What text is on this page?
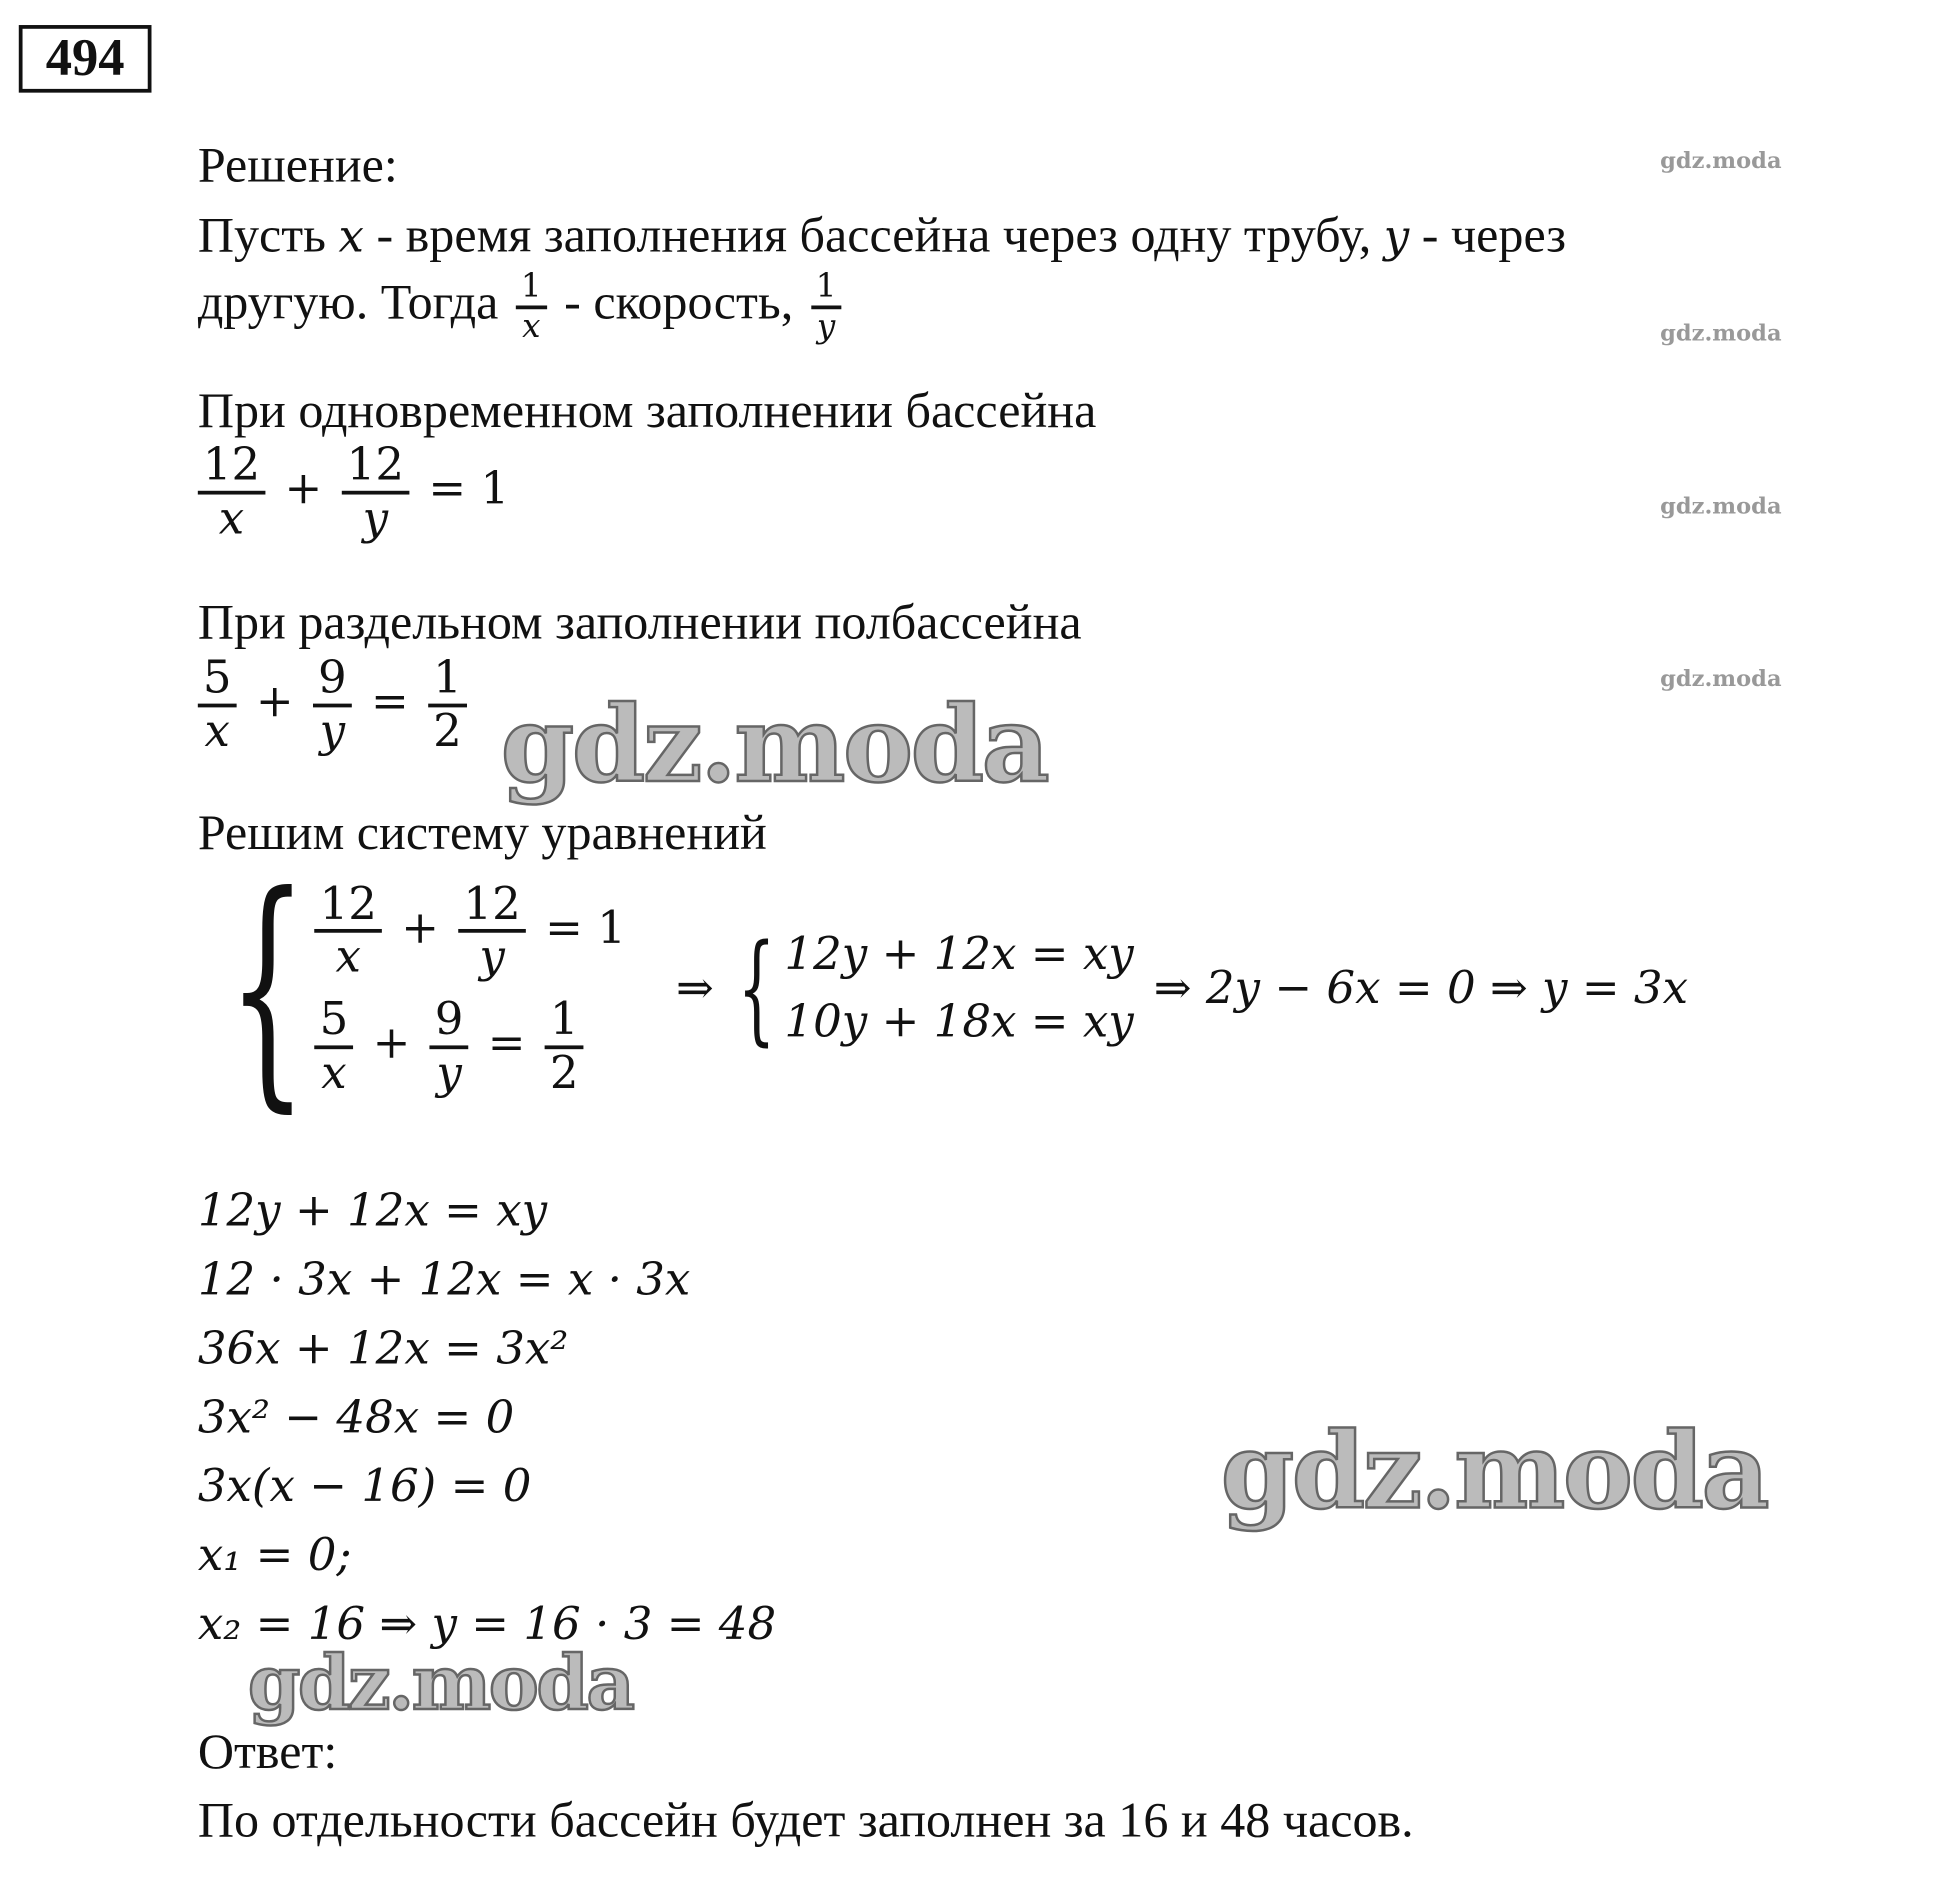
494
Решение:
Пусть x - время заполнения бассейна через одну трубу, y - через
другую. Тогда $\frac{1}{x}$ - скорость, $\frac{1}{y}$
При одновременном заполнении бассейна
$\frac{12}{x} + \frac{12}{y} = 1$
При раздельном заполнении полбассейна
$\frac{5}{x} + \frac{9}{y} = \frac{1}{2}$
Решим систему уравнений
{ $\frac{12}{x} + \frac{12}{y} = 1$
$\frac{5}{x} + \frac{9}{y} = \frac{1}{2}$
⇒ { 12y + 12x = xy
10y + 18x = xy
⇒ 2y − 6x = 0 ⇒ y = 3x
12y + 12x = xy
12 · 3x + 12x = x · 3x
36x + 12x = 3x²
3x² − 48x = 0
3x(x − 16) = 0
x₁ = 0;
x₂ = 16 ⇒ y = 16 · 3 = 48
Ответ:
По отдельности бассейн будет заполнен за 16 и 48 часов.
gdz.moda
gdz.moda
gdz.moda
gdz.moda
gdz.moda
gdz.moda
gdz.moda
